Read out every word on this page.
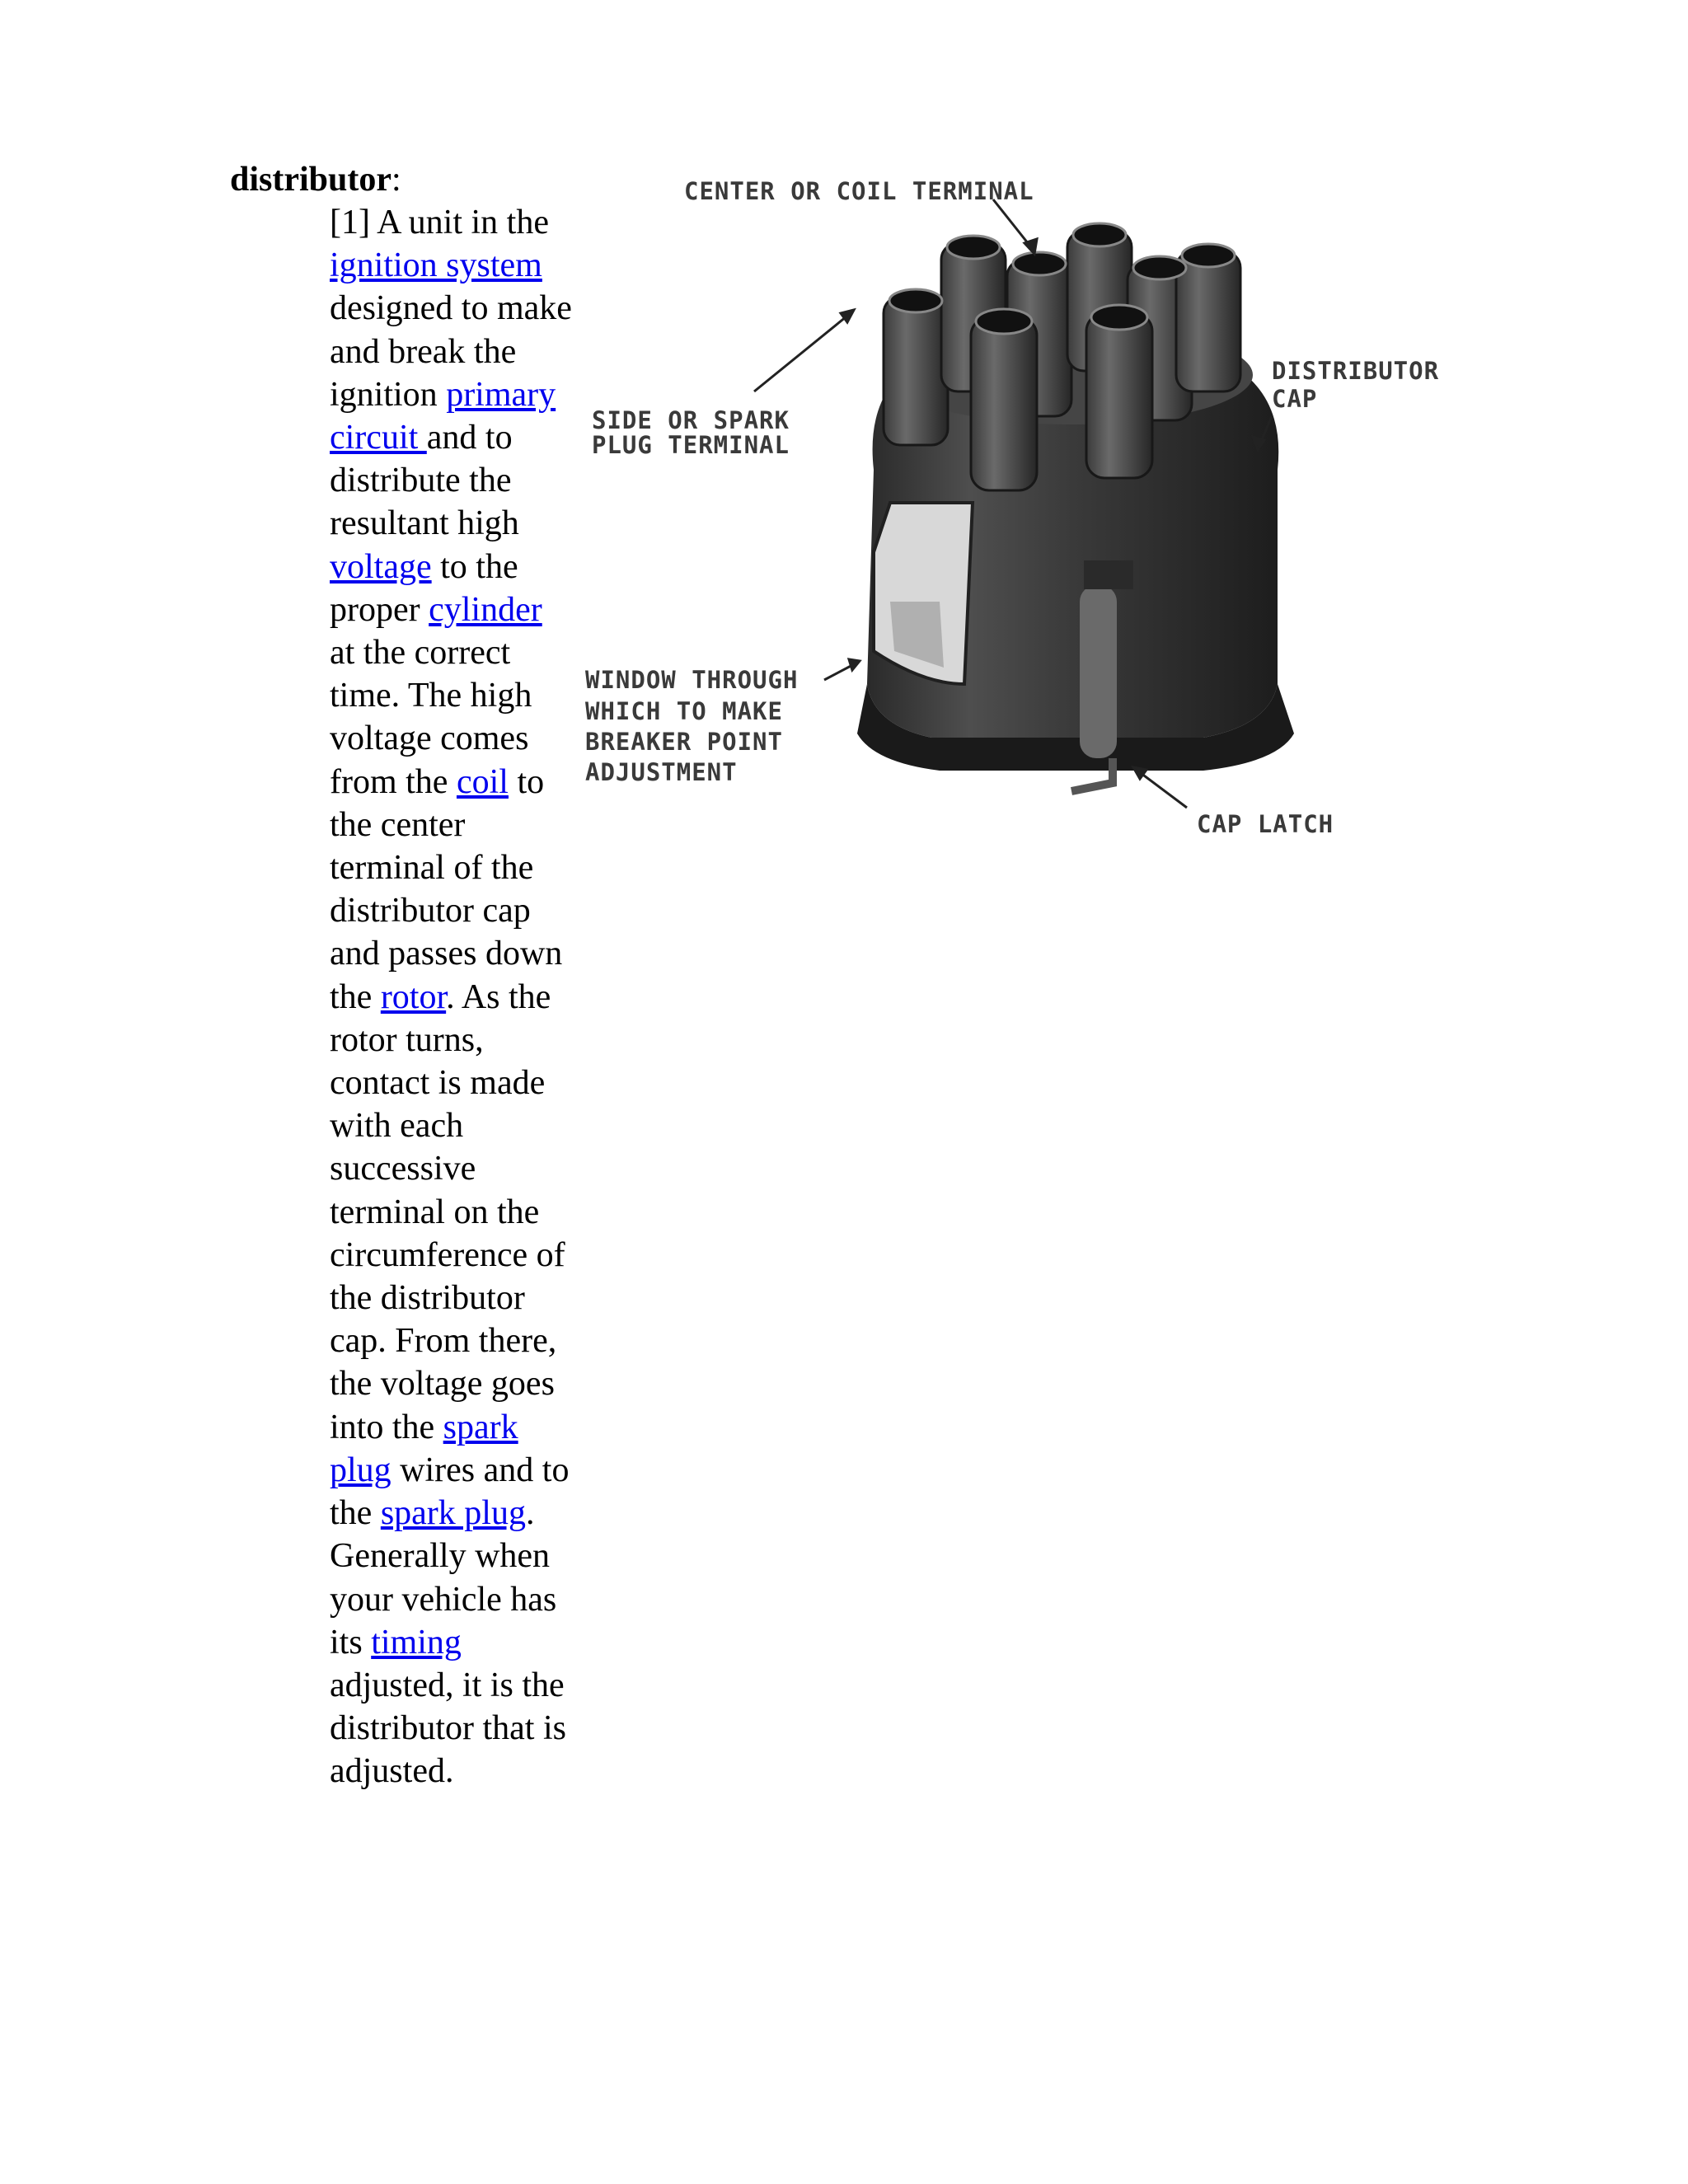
distributor:

[1] A unit in the ignition system designed to make and break the ignition primary circuit and to distribute the resultant high voltage to the proper cylinder at the correct time. The high voltage comes from the coil to the center terminal of the distributor cap and passes down the rotor. As the rotor turns, contact is made with each successive terminal on the circumference of the distributor cap. From there, the voltage goes into the spark plug wires and to the spark plug. Generally when your vehicle has its timing adjusted, it is the distributor that is adjusted.

CENTER OR COIL TERMINAL
SIDE OR SPARK
PLUG TERMINAL
DISTRIBUTOR
CAP
WINDOW THROUGH
WHICH TO MAKE
BREAKER POINT
ADJUSTMENT
CAP LATCH
